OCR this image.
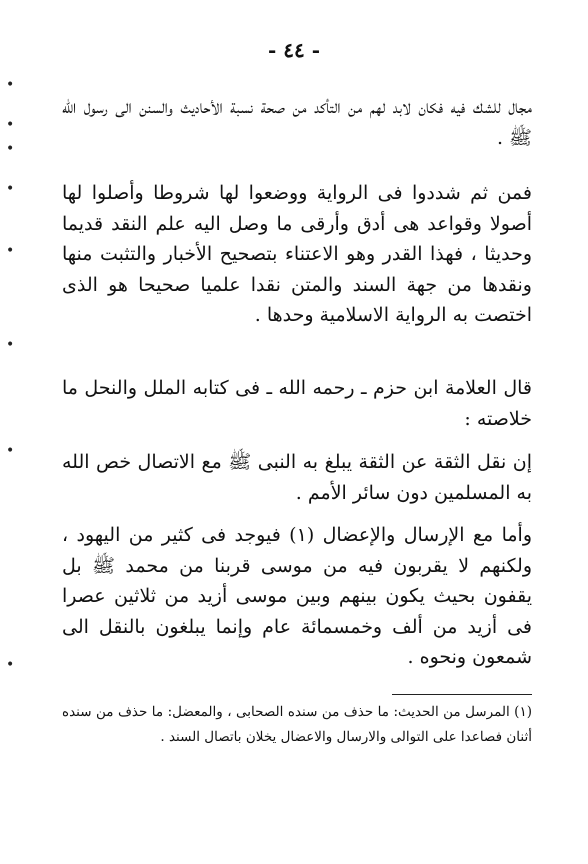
- ٤٤ -

مجال للشك فيه فكان لابد لهم من التأكد من صحة نسبة الأحاديث والسنن الى رسول الله ﷺ .

فمن ثم شددوا فى الرواية ووضعوا لها شروطا وأصلوا لها أصولا وقواعد هى أدق وأرقى ما وصل اليه علم النقد قديما وحديثا ، فهذا القدر وهو الاعتناء بتصحيح الأخبار والتثبت منها ونقدها من جهة السند والمتن نقدا علميا صحيحا هو الذى اختصت به الرواية الاسلامية وحدها .

قال العلامة ابن حزم ـ رحمه الله ـ فى كتابه الملل والنحل ما خلاصته :

إن نقل الثقة عن الثقة يبلغ به النبى ﷺ مع الاتصال خص الله به المسلمين دون سائر الأمم .

وأما مع الإرسال والإعضال (١) فيوجد فى كثير من اليهود ، ولكنهم لا يقربون فيه من موسى قربنا من محمد ﷺ بل يقفون بحيث يكون بينهم وبين موسى أزيد من ثلاثين عصرا فى أزيد من ألف وخمسمائة عام وإنما يبلغون بالنقل الى شمعون ونحوه .

(١) المرسل من الحديث: ما حذف من سنده الصحابى ، والمعضل: ما حذف من سنده أثنان فصاعدا على التوالى والارسال والاعضال يخلان باتصال السند .

•
•
•
•
•
•
•
•
